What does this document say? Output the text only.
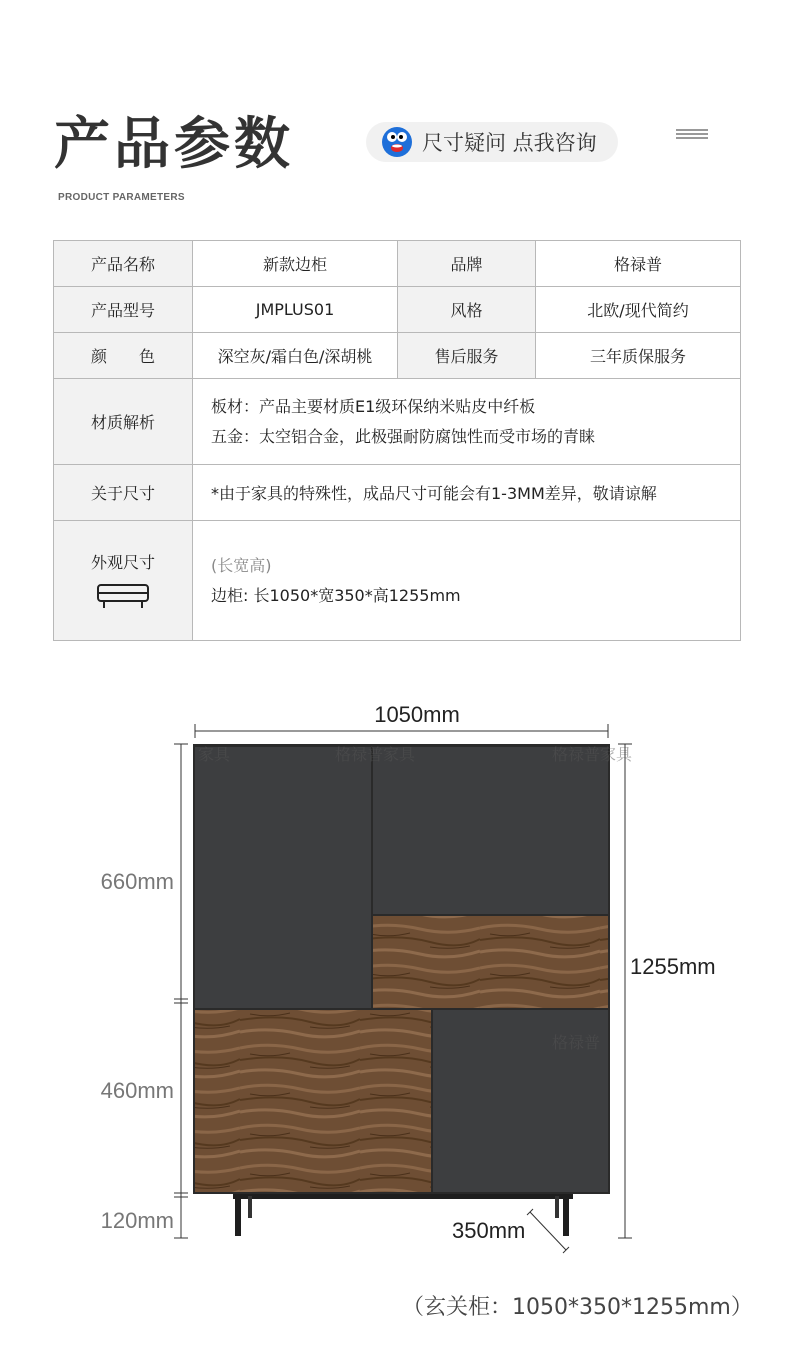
产品参数
PRODUCT PARAMETERS
尺寸疑问 点我咨询
产品名称	新款边柜	品牌	格禄普
产品型号	JMPLUS01	风格	北欧/现代简约
颜　　色	深空灰/霜白色/深胡桃	售后服务	三年质保服务
材质解析	板材：产品主要材质E1级环保纳米贴皮中纤板
五金：太空铝合金，此极强耐防腐蚀性而受市场的青睐		

关于尺寸	*由于家具的特殊性，成品尺寸可能会有1-3MM差异，敬请谅解		

外观尺寸	(长宽高)
边柜: 长1050*宽350*高1255mm		
格禄普家具	格禄普家具
格禄普
家具
1050mm
1255mm
660mm
460mm
120mm	350mm
（玄关柜：1050*350*1255mm）
